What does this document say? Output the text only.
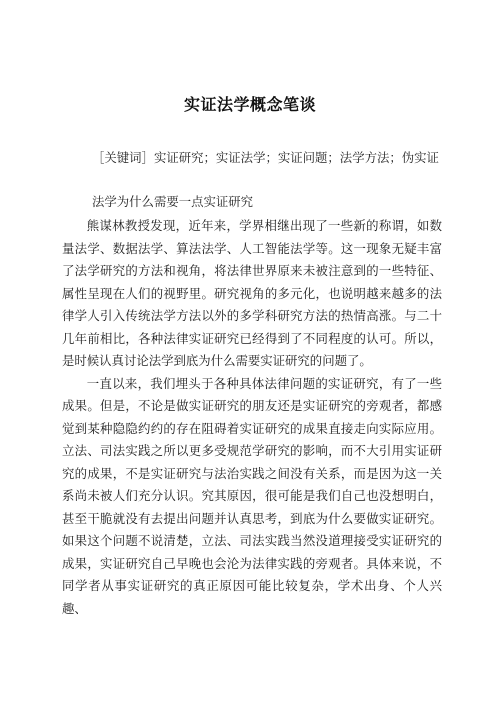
实证法学概念笔谈
［关键词］实证研究；实证法学；实证问题；法学方法；伪实证
法学为什么需要一点实证研究

熊谋林教授发现，近年来，学界相继出现了一些新的称谓，如数量法学、数据法学、算法法学、人工智能法学等。这一现象无疑丰富了法学研究的方法和视角，将法律世界原来未被注意到的一些特征、属性呈现在人们的视野里。研究视角的多元化，也说明越来越多的法律学人引入传统法学方法以外的多学科研究方法的热情高涨。与二十几年前相比，各种法律实证研究已经得到了不同程度的认可。所以，是时候认真讨论法学到底为什么需要实证研究的问题了。

一直以来，我们埋头于各种具体法律问题的实证研究，有了一些成果。但是，不论是做实证研究的朋友还是实证研究的旁观者，都感觉到某种隐隐约约的存在阻碍着实证研究的成果直接走向实际应用。立法、司法实践之所以更多受规范学研究的影响，而不大引用实证研究的成果，不是实证研究与法治实践之间没有关系，而是因为这一关系尚未被人们充分认识。究其原因，很可能是我们自己也没想明白，甚至干脆就没有去提出问题并认真思考，到底为什么要做实证研究。如果这个问题不说清楚，立法、司法实践当然没道理接受实证研究的成果，实证研究自己早晚也会沦为法律实践的旁观者。具体来说，不同学者从事实证研究的真正原因可能比较复杂，学术出身、个人兴趣、
